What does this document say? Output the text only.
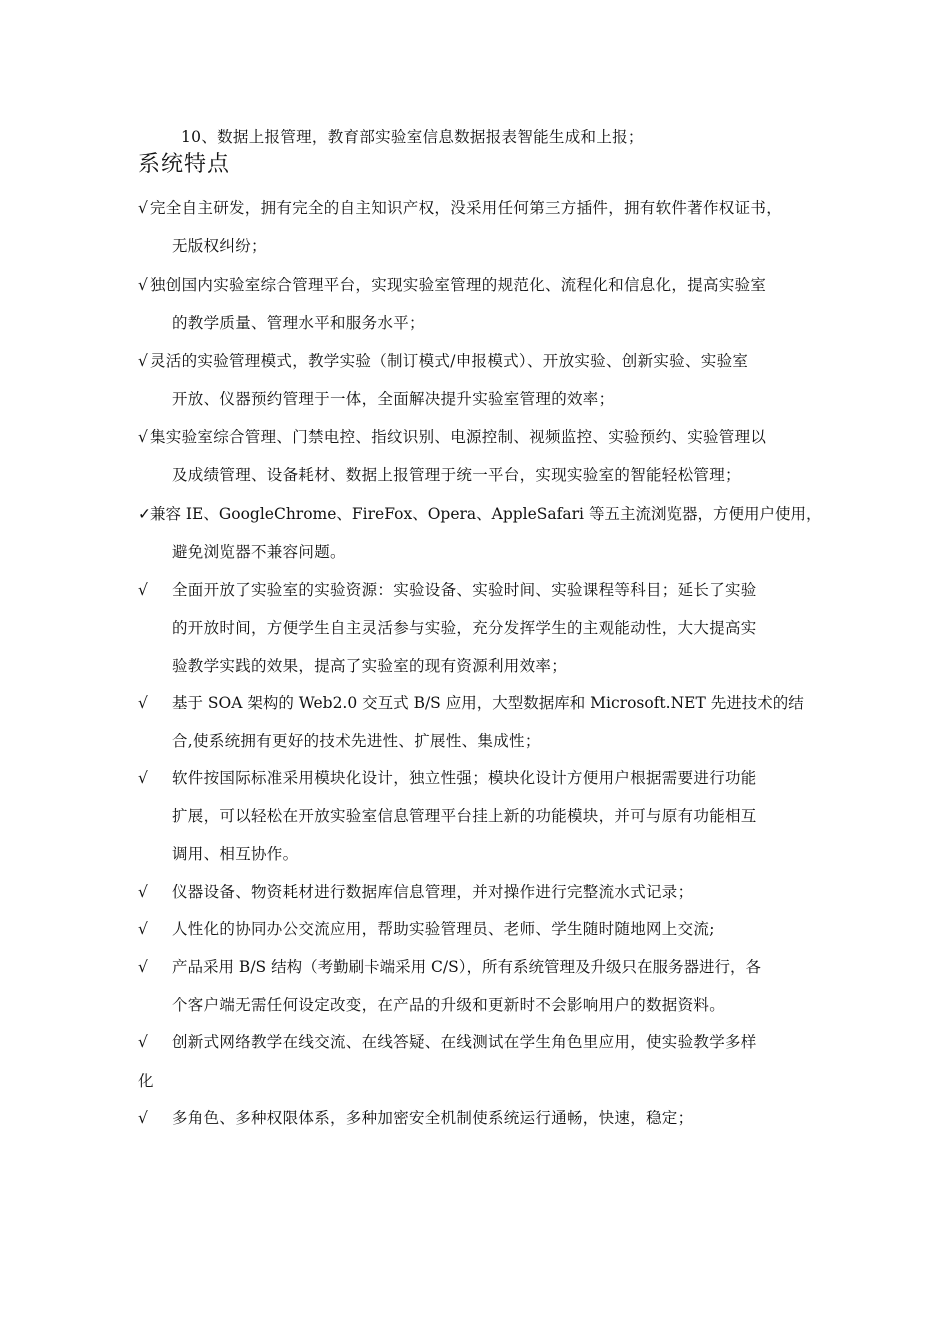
10、数据上报管理，教育部实验室信息数据报表智能生成和上报；
系统特点
√ 完全自主研发，拥有完全的自主知识产权，没采用任何第三方插件，拥有软件著作权证书，
无版权纠纷；
√ 独创国内实验室综合管理平台，实现实验室管理的规范化、流程化和信息化，提高实验室
的教学质量、管理水平和服务水平；
√ 灵活的实验管理模式，教学实验（制订模式/申报模式）、开放实验、创新实验、实验室
开放、仪器预约管理于一体，全面解决提升实验室管理的效率；
√ 集实验室综合管理、门禁电控、指纹识别、电源控制、视频监控、实验预约、实验管理以
及成绩管理、设备耗材、数据上报管理于统一平台，实现实验室的智能轻松管理；
✓
兼容 IE、GoogleChrome、FireFox、Opera、AppleSafari 等五主流浏览器，方便用户使用，
避免浏览器不兼容问题。
√ 全面开放了实验室的实验资源：实验设备、实验时间、实验课程等科目；延长了实验
的开放时间，方便学生自主灵活参与实验，充分发挥学生的主观能动性，大大提高实
验教学实践的效果，提高了实验室的现有资源利用效率；
√ 基于 SOA 架构的 Web2.0 交互式 B/S 应用，大型数据库和 Microsoft.NET 先进技术的结
合,使系统拥有更好的技术先进性、扩展性、集成性；
√ 软件按国际标准采用模块化设计，独立性强；模块化设计方便用户根据需要进行功能
扩展，可以轻松在开放实验室信息管理平台挂上新的功能模块，并可与原有功能相互
调用、相互协作。
√ 仪器设备、物资耗材进行数据库信息管理，并对操作进行完整流水式记录；
√ 人性化的协同办公交流应用，帮助实验管理员、老师、学生随时随地网上交流;
√ 产品采用 B/S 结构（考勤刷卡端采用 C/S），所有系统管理及升级只在服务器进行，各
个客户端无需任何设定改变，在产品的升级和更新时不会影响用户的数据资料。
√ 创新式网络教学在线交流、在线答疑、在线测试在学生角色里应用，使实验教学多样
化
√ 多角色、多种权限体系，多种加密安全机制使系统运行通畅，快速，稳定；
